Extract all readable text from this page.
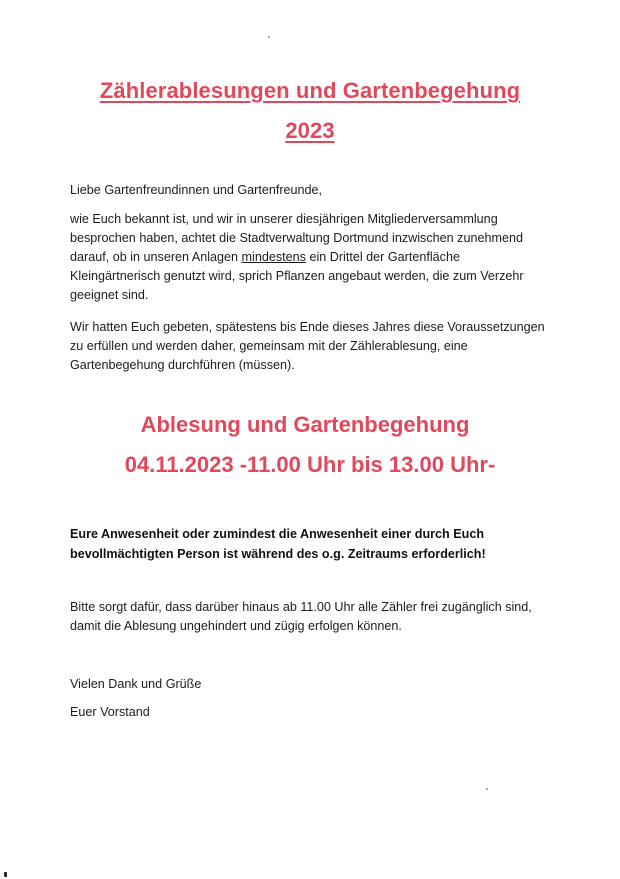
Zählerablesungen und Gartenbegehung
2023
Liebe Gartenfreundinnen und Gartenfreunde,
wie Euch bekannt ist, und wir in unserer diesjährigen Mitgliederversammlung besprochen haben, achtet die Stadtverwaltung Dortmund inzwischen zunehmend darauf, ob in unseren Anlagen mindestens ein Drittel der Gartenfläche Kleingärtnerisch genutzt wird, sprich Pflanzen angebaut werden, die zum Verzehr geeignet sind.
Wir hatten Euch gebeten, spätestens bis Ende dieses Jahres diese Voraussetzungen zu erfüllen und werden daher, gemeinsam mit der Zählerablesung, eine Gartenbegehung durchführen (müssen).
Ablesung und Gartenbegehung
04.11.2023 -11.00 Uhr bis 13.00 Uhr-
Eure Anwesenheit oder zumindest die Anwesenheit einer durch Euch bevollmächtigten Person ist während des o.g. Zeitraums erforderlich!
Bitte sorgt dafür, dass darüber hinaus ab 11.00 Uhr alle Zähler frei zugänglich sind, damit die Ablesung ungehindert und zügig erfolgen können.
Vielen Dank und Grüße
Euer Vorstand
